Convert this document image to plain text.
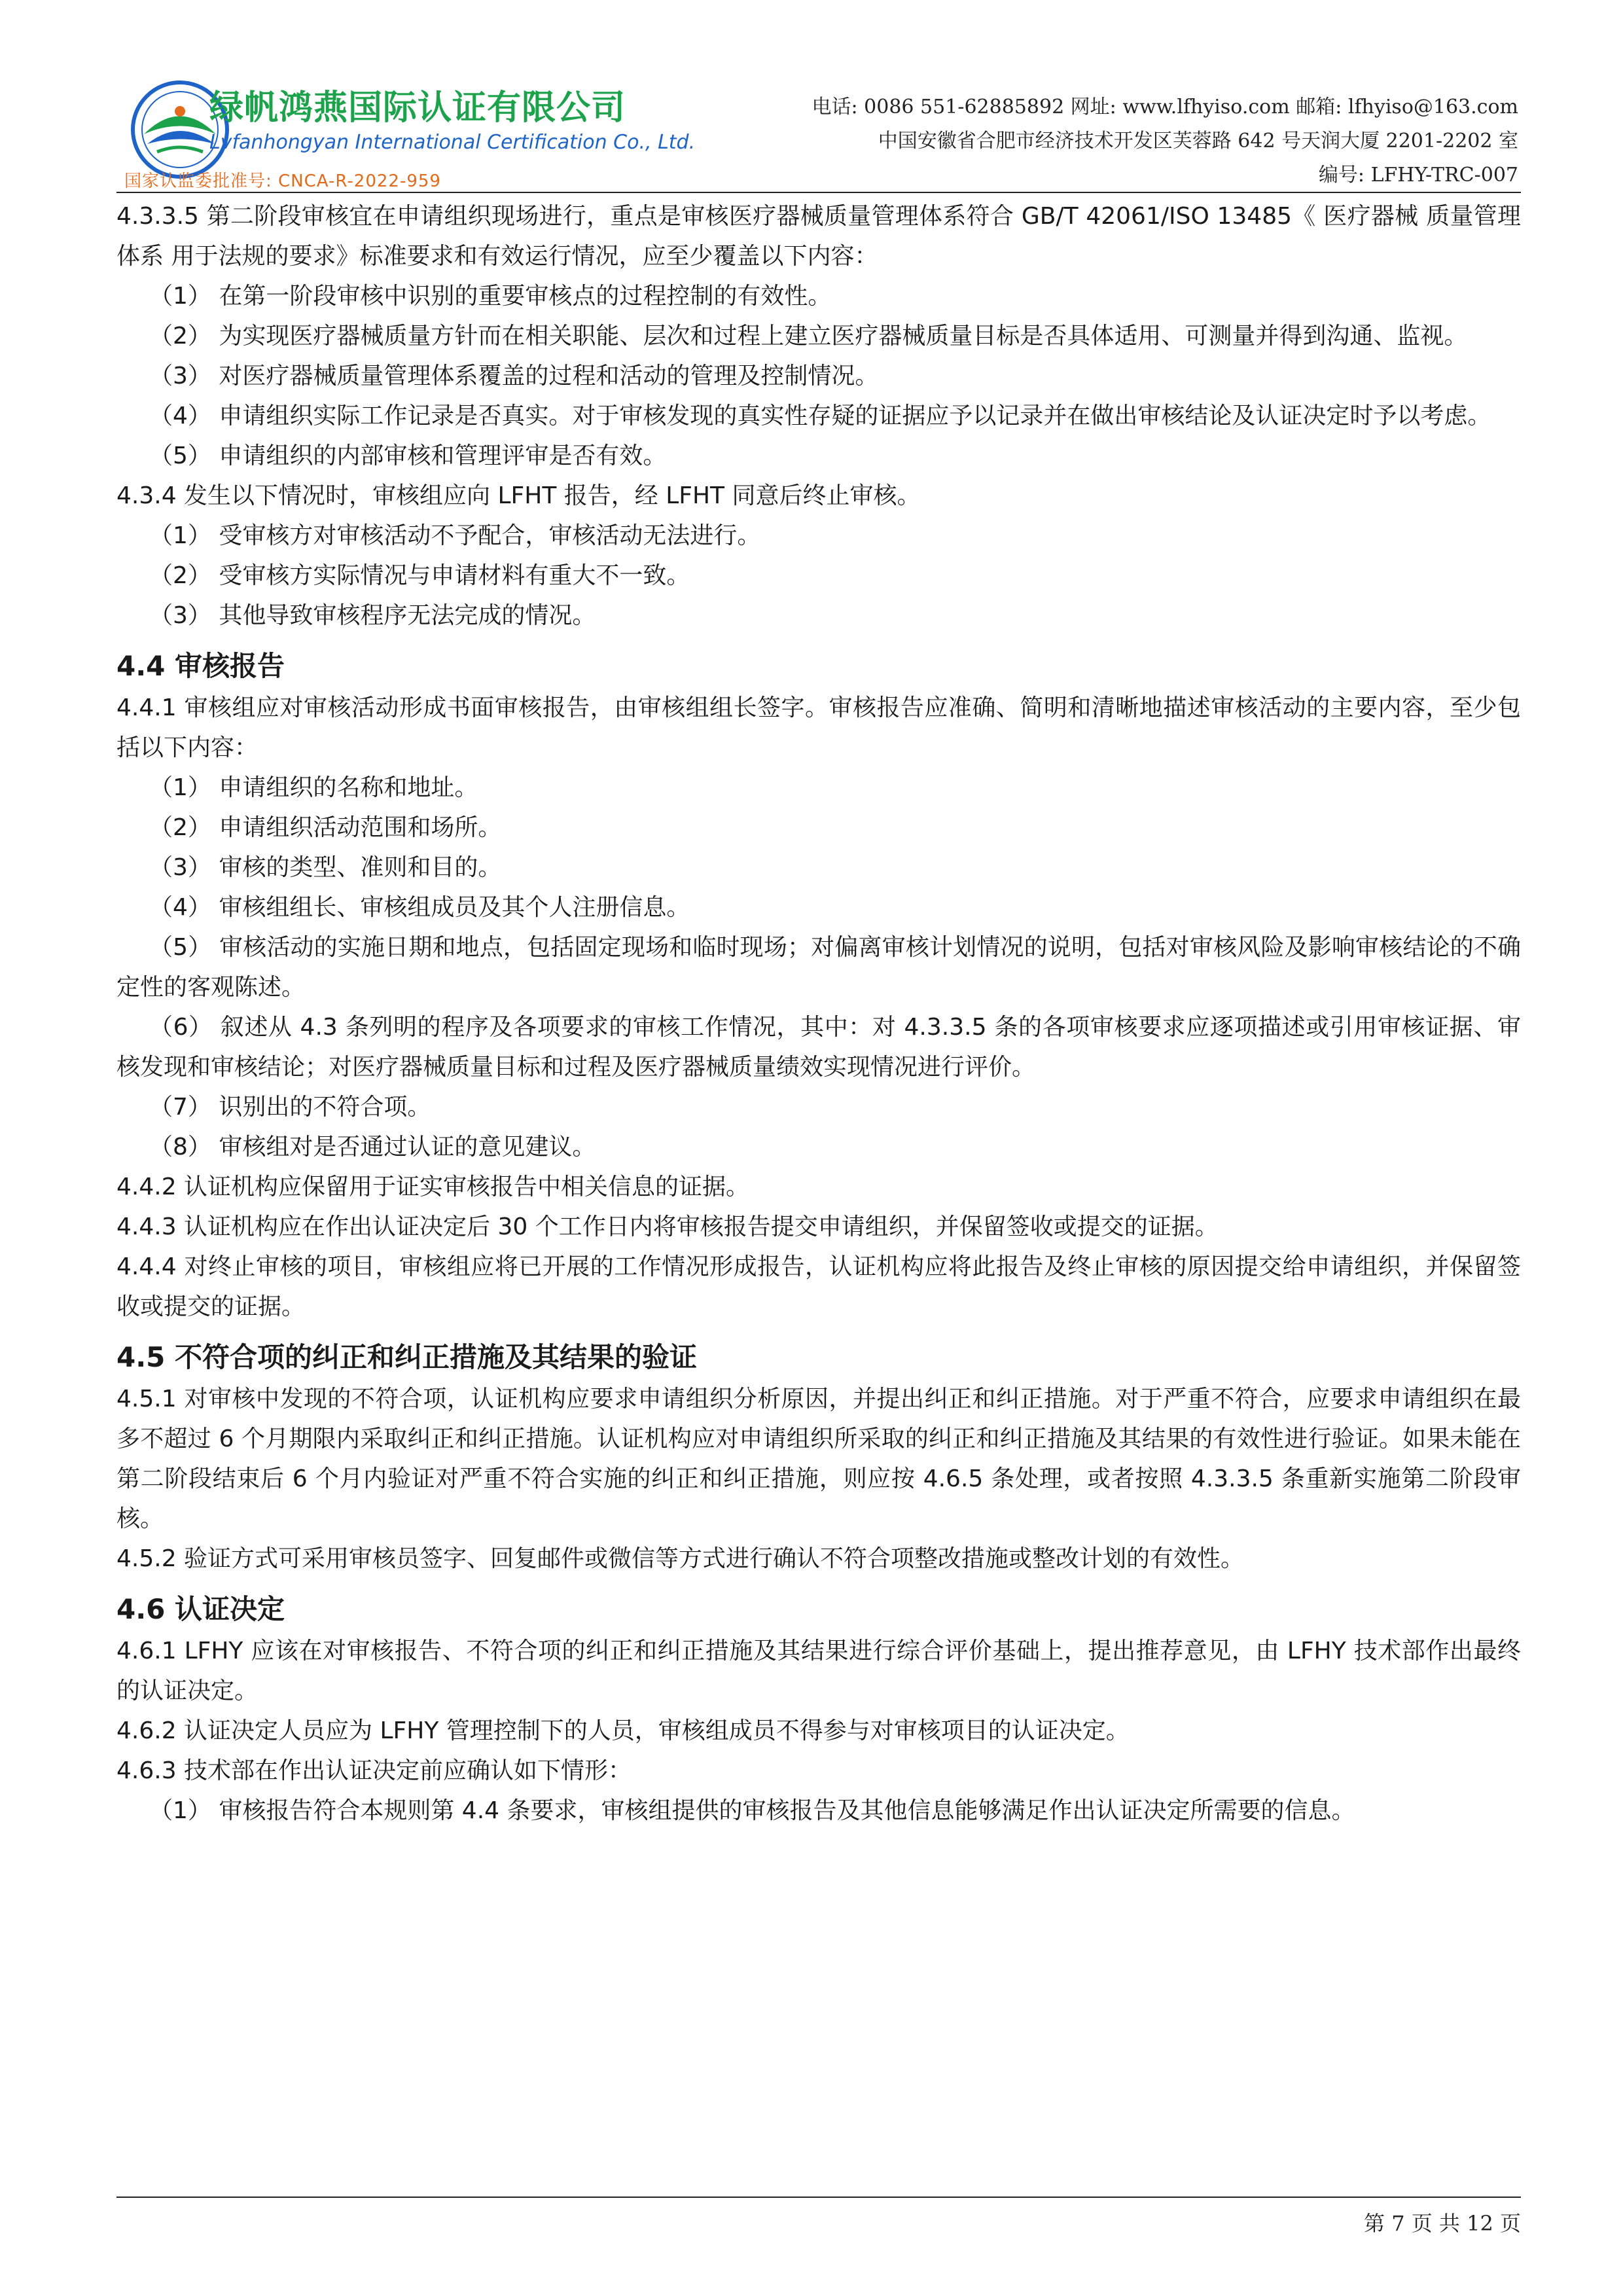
绿帆鸿燕国际认证有限公司
Lvfanhongyan International Certification Co., Ltd.
国家认监委批准号: CNCA-R-2022-959
电话: 0086 551-62885892 网址: www.lfhyiso.com 邮箱: lfhyiso@163.com
中国安徽省合肥市经济技术开发区芙蓉路 642 号天润大厦 2201-2202 室
编号: LFHY-TRC-007

4.3.3.5 第二阶段审核宜在申请组织现场进行，重点是审核医疗器械质量管理体系符合 GB/T 42061/ISO 13485《 医疗器械 质量管理体系 用于法规的要求》标准要求和有效运行情况，应至少覆盖以下内容：

（1） 在第一阶段审核中识别的重要审核点的过程控制的有效性。

（2） 为实现医疗器械质量方针而在相关职能、层次和过程上建立医疗器械质量目标是否具体适用、可测量并得到沟通、监视。

（3） 对医疗器械质量管理体系覆盖的过程和活动的管理及控制情况。

（4） 申请组织实际工作记录是否真实。对于审核发现的真实性存疑的证据应予以记录并在做出审核结论及认证决定时予以考虑。

（5） 申请组织的内部审核和管理评审是否有效。

4.3.4 发生以下情况时，审核组应向 LFHT 报告，经 LFHT 同意后终止审核。

（1） 受审核方对审核活动不予配合，审核活动无法进行。

（2） 受审核方实际情况与申请材料有重大不一致。

（3） 其他导致审核程序无法完成的情况。

4.4 审核报告

4.4.1 审核组应对审核活动形成书面审核报告，由审核组组长签字。审核报告应准确、简明和清晰地描述审核活动的主要内容，至少包括以下内容：

（1） 申请组织的名称和地址。

（2） 申请组织活动范围和场所。

（3） 审核的类型、准则和目的。

（4） 审核组组长、审核组成员及其个人注册信息。

（5） 审核活动的实施日期和地点，包括固定现场和临时现场；对偏离审核计划情况的说明，包括对审核风险及影响审核结论的不确定性的客观陈述。

（6） 叙述从 4.3 条列明的程序及各项要求的审核工作情况，其中：对 4.3.3.5 条的各项审核要求应逐项描述或引用审核证据、审核发现和审核结论；对医疗器械质量目标和过程及医疗器械质量绩效实现情况进行评价。

（7） 识别出的不符合项。

（8） 审核组对是否通过认证的意见建议。

4.4.2 认证机构应保留用于证实审核报告中相关信息的证据。

4.4.3 认证机构应在作出认证决定后 30 个工作日内将审核报告提交申请组织，并保留签收或提交的证据。

4.4.4 对终止审核的项目，审核组应将已开展的工作情况形成报告，认证机构应将此报告及终止审核的原因提交给申请组织，并保留签收或提交的证据。

4.5 不符合项的纠正和纠正措施及其结果的验证

4.5.1 对审核中发现的不符合项，认证机构应要求申请组织分析原因，并提出纠正和纠正措施。对于严重不符合，应要求申请组织在最多不超过 6 个月期限内采取纠正和纠正措施。认证机构应对申请组织所采取的纠正和纠正措施及其结果的有效性进行验证。如果未能在第二阶段结束后 6 个月内验证对严重不符合实施的纠正和纠正措施，则应按 4.6.5 条处理，或者按照 4.3.3.5 条重新实施第二阶段审核。

4.5.2 验证方式可采用审核员签字、回复邮件或微信等方式进行确认不符合项整改措施或整改计划的有效性。

4.6 认证决定

4.6.1 LFHY 应该在对审核报告、不符合项的纠正和纠正措施及其结果进行综合评价基础上，提出推荐意见，由 LFHY 技术部作出最终的认证决定。

4.6.2 认证决定人员应为 LFHY 管理控制下的人员，审核组成员不得参与对审核项目的认证决定。

4.6.3 技术部在作出认证决定前应确认如下情形：

（1） 审核报告符合本规则第 4.4 条要求，审核组提供的审核报告及其他信息能够满足作出认证决定所需要的信息。

第 7 页 共 12 页
